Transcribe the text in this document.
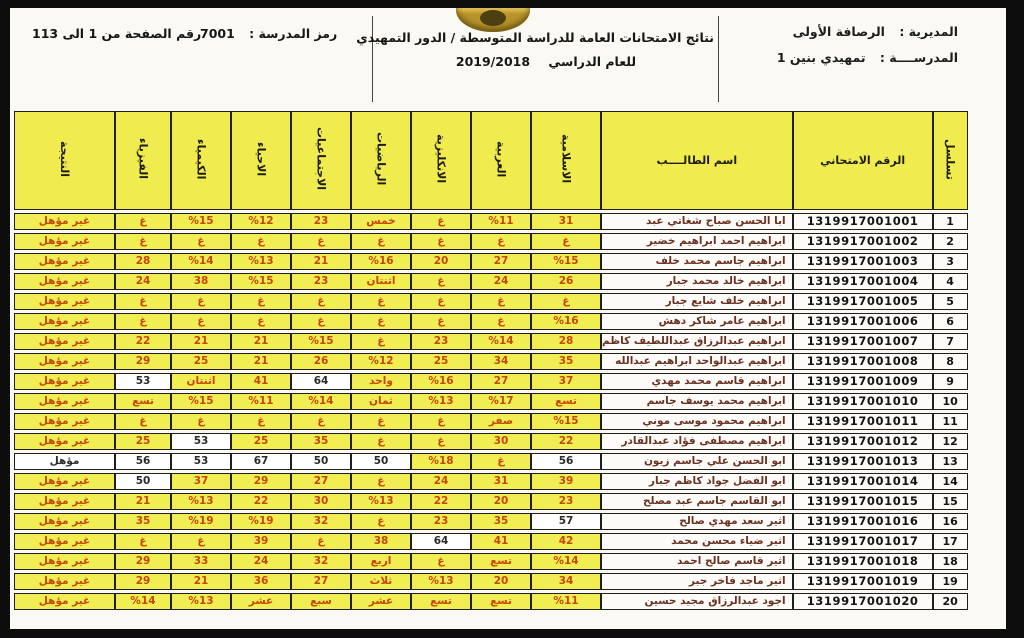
المديرية : الرصافة الأولى
المدرســــة : تمهيدي بنين 1
نتائج الامتحانات العامة للدراسة المتوسطة / الدور التمهيدي
للعام الدراسي 2019/2018
رمز المدرسة : 7001
رقم الصفحة من 1 الى 113
تسلسل	الرقم الامتحاني	اسم الطالــــب	الاسلامية	العربية	الانكليزية	الرياضيات	الاجتماعيات	الاحياء	الكيمياء	الفيزياء	النتيجة
1	1319917001001	ابا الحسن صباح شغاتي عبد	31	%11	غ	خمس	23	%12	%15	غ	غير مؤهل
2	1319917001002	ابراهيم احمد ابراهيم خضير	غ	غ	غ	غ	غ	غ	غ	غ	غير مؤهل
3	1319917001003	ابراهيم جاسم محمد خلف	%15	27	20	%16	21	%13	%14	28	غير مؤهل
4	1319917001004	ابراهيم خالد محمد جبار	26	24	غ	اثنتان	23	%15	38	24	غير مؤهل
5	1319917001005	ابراهيم خلف شايع جبار	غ	غ	غ	غ	غ	غ	غ	غ	غير مؤهل
6	1319917001006	ابراهيم عامر شاكر دهش	%16	غ	غ	غ	غ	غ	غ	غ	غير مؤهل
7	1319917001007	ابراهيم عبدالرزاق عبداللطيف كاظم	28	%14	23	غ	%15	21	21	22	غير مؤهل
8	1319917001008	ابراهيم عبدالواحد ابراهيم عبدالله	35	34	25	%12	26	21	25	29	غير مؤهل
9	1319917001009	ابراهيم قاسم محمد مهدي	37	27	%16	واحد	64	41	اثنتان	53	غير مؤهل
10	1319917001010	ابراهيم محمد يوسف جاسم	تسع	%17	%13	ثمان	%14	%11	%15	تسع	غير مؤهل
11	1319917001011	ابراهيم محمود موسى موني	%15	صفر	غ	غ	غ	غ	غ	غ	غير مؤهل
12	1319917001012	ابراهيم مصطفى فؤاد عبدالقادر	22	30	غ	غ	35	25	53	25	غير مؤهل
13	1319917001013	ابو الحسن علي جاسم زيون	56	غ	%18	50	50	67	53	56	مؤهل
14	1319917001014	ابو الفضل جواد كاظم جبار	39	31	24	غ	27	29	37	50	غير مؤهل
15	1319917001015	ابو القاسم جاسم عبد مصلح	23	20	22	%13	30	22	%13	21	غير مؤهل
16	1319917001016	اثير سعد مهدي صالح	57	35	23	غ	32	%19	%19	35	غير مؤهل
17	1319917001017	اثير ضياء محسن محمد	42	41	64	38	غ	39	غ	غ	غير مؤهل
18	1319917001018	اثير قاسم صالح احمد	%14	تسع	غ	اربع	32	24	33	29	غير مؤهل
19	1319917001019	اثير ماجد فاخر جبر	34	20	%13	ثلاث	27	36	21	29	غير مؤهل
20	1319917001020	اجود عبدالرزاق مجيد حسين	%11	تسع	تسع	عشر	سبع	عشر	%13	%14	غير مؤهل
